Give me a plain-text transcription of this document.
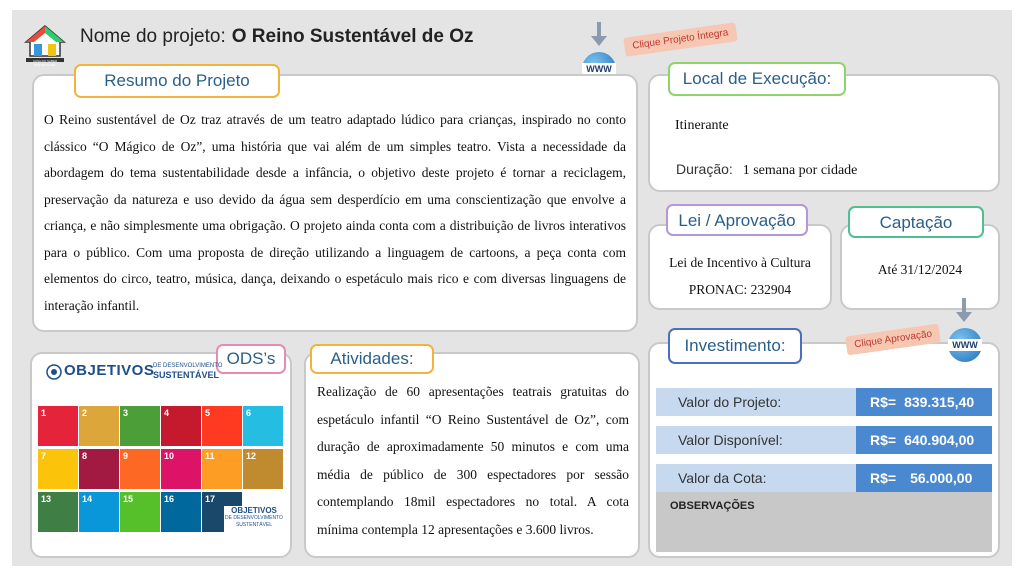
CASA DO SABER SUSTENTÁVEL
Nome do projeto: O Reino Sustentável de Oz
WWW
Clique Projeto Íntegra
Resumo do Projeto
O Reino sustentável de Oz traz através de um teatro adaptado lúdico para crianças, inspirado no conto clássico “O Mágico de Oz”, uma história que vai além de um simples teatro. Vista a necessidade da abordagem do tema sustentabilidade desde a infância, o objetivo deste projeto é tornar a reciclagem, preservação da natureza e uso devido da água sem desperdício em uma conscientização que envolve a criança, e não simplesmente uma obrigação. O projeto ainda conta com a distribuição de livros interativos para o público. Com uma proposta de direção utilizando a linguagem de cartoons, a peça conta com elementos do circo, teatro, música, dança, deixando o espetáculo mais rico e com diversas linguagens de interação infantil.
Local de Execução:
Itinerante
Duração: 1 semana por cidade
Lei / Aprovação
Lei de Incentivo à Cultura
PRONAC: 232904
Captação
Até 31/12/2024
ODS’s
OBJETIVOS
DE DESENVOLVIMENTO
SUSTENTÁVEL
1	2	3	4	5	6
7	8	9	10	11	12
13	14	15	16	17
OBJETIVOS
DE DESENVOLVIMENTO SUSTENTÁVEL
Atividades:
Realização de 60 apresentações teatrais gratuitas do espetáculo infantil “O Reino Sustentável de Oz”, com duração de aproximadamente 50 minutos e com uma média de público de 300 espectadores por sessão contemplando 18mil espectadores no total. A cota mínima contempla 12 apresentações e 3.600 livros.
Investimento:	WWW
Clique Aprovação
Valor do Projeto:	R$= 839.315,40
Valor Disponível:	R$= 640.904,00
Valor da Cota:	R$= 56.000,00
OBSERVAÇÕES
